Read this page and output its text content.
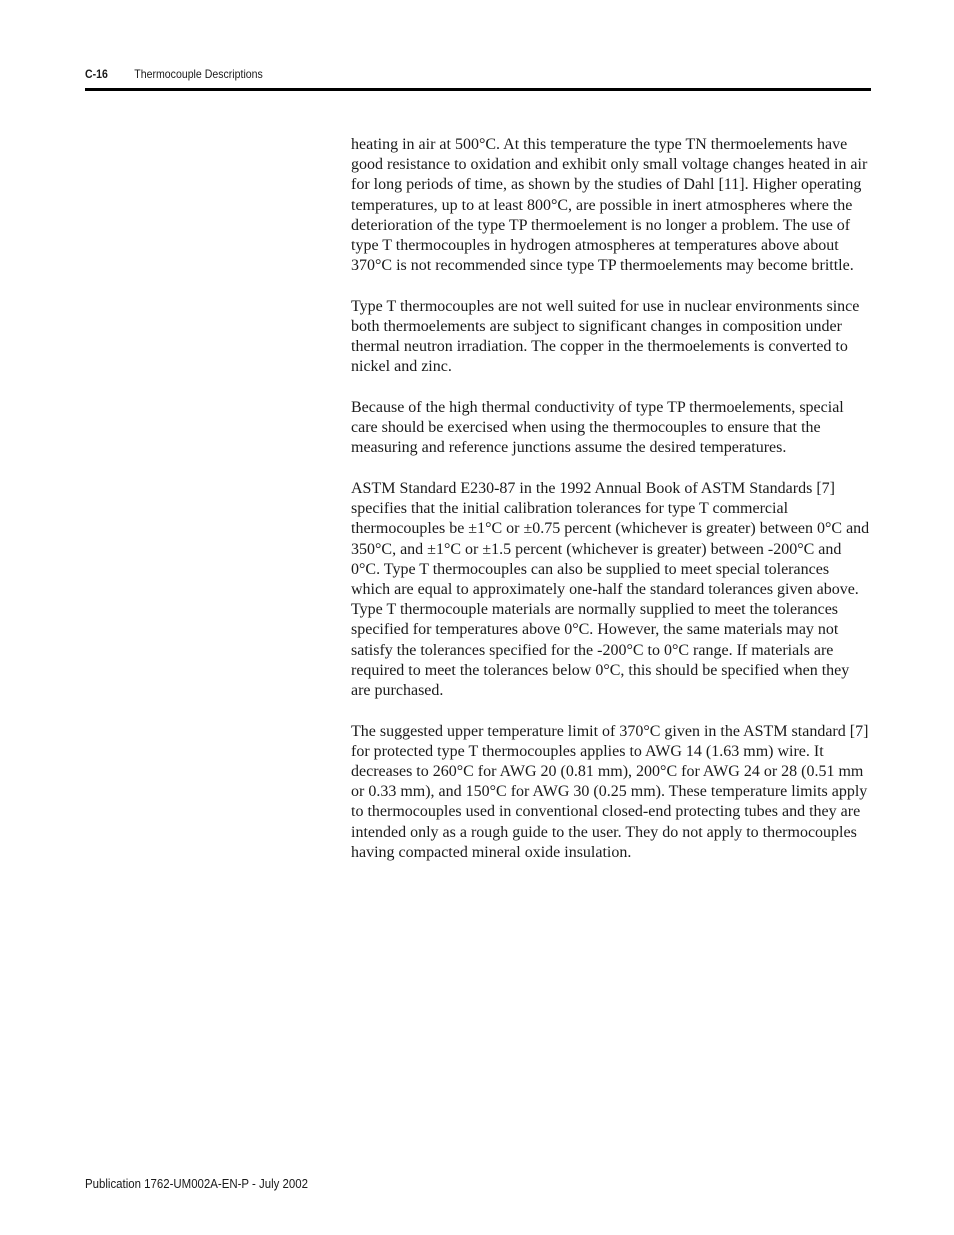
C-16 Thermocouple Descriptions

heating in air at 500°C. At this temperature the type TN thermoelements have good resistance to oxidation and exhibit only small voltage changes heated in air for long periods of time, as shown by the studies of Dahl [11]. Higher operating temperatures, up to at least 800°C, are possible in inert atmospheres where the deterioration of the type TP thermoelement is no longer a problem. The use of type T thermocouples in hydrogen atmospheres at temperatures above about 370°C is not recommended since type TP thermoelements may become brittle.

Type T thermocouples are not well suited for use in nuclear environments since both thermoelements are subject to significant changes in composition under thermal neutron irradiation. The copper in the thermoelements is converted to nickel and zinc.

Because of the high thermal conductivity of type TP thermoelements, special care should be exercised when using the thermocouples to ensure that the measuring and reference junctions assume the desired temperatures.

ASTM Standard E230-87 in the 1992 Annual Book of ASTM Standards [7] specifies that the initial calibration tolerances for type T commercial thermocouples be ±1°C or ±0.75 percent (whichever is greater) between 0°C and 350°C, and ±1°C or ±1.5 percent (whichever is greater) between -200°C and 0°C. Type T thermocouples can also be supplied to meet special tolerances which are equal to approximately one-half the standard tolerances given above. Type T thermocouple materials are normally supplied to meet the tolerances specified for temperatures above 0°C. However, the same materials may not satisfy the tolerances specified for the -200°C to 0°C range. If materials are required to meet the tolerances below 0°C, this should be specified when they are purchased.

The suggested upper temperature limit of 370°C given in the ASTM standard [7] for protected type T thermocouples applies to AWG 14 (1.63 mm) wire. It decreases to 260°C for AWG 20 (0.81 mm), 200°C for AWG 24 or 28 (0.51 mm or 0.33 mm), and 150°C for AWG 30 (0.25 mm). These temperature limits apply to thermocouples used in conventional closed-end protecting tubes and they are intended only as a rough guide to the user. They do not apply to thermocouples having compacted mineral oxide insulation.

Publication 1762-UM002A-EN-P - July 2002
